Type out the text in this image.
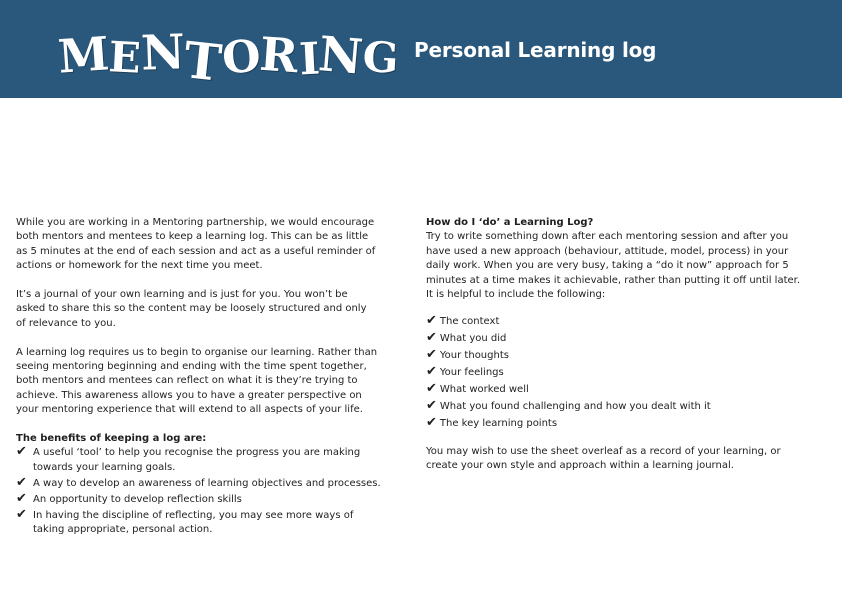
M
E
N
T
O
R
I
N
G Personal Learning log

While you are working in a Mentoring partnership, we would encourage
both mentors and mentees to keep a learning log. This can be as little
as 5 minutes at the end of each session and act as a useful reminder of
actions or homework for the next time you meet.

It’s a journal of your own learning and is just for you. You won’t be
asked to share this so the content may be loosely structured and only
of relevance to you.

A learning log requires us to begin to organise our learning. Rather than
seeing mentoring beginning and ending with the time spent together,
both mentors and mentees can reflect on what it is they’re trying to
achieve. This awareness allows you to have a greater perspective on
your mentoring experience that will extend to all aspects of your life.

The benefits of keeping a log are:
✔ A useful ‘tool’ to help you recognise the progress you are making
towards your learning goals.
✔ A way to develop an awareness of learning objectives and processes.
✔ An opportunity to develop reflection skills
✔ In having the discipline of reflecting, you may see more ways of
taking appropriate, personal action.
How do I ‘do’ a Learning Log?

Try to write something down after each mentoring session and after you
have used a new approach (behaviour, attitude, model, process) in your
daily work. When you are very busy, taking a “do it now” approach for 5
minutes at a time makes it achievable, rather than putting it off until later.
It is helpful to include the following:

✔ The context
✔ What you did
✔ Your thoughts
✔ Your feelings
✔ What worked well
✔ What you found challenging and how you dealt with it
✔ The key learning points

You may wish to use the sheet overleaf as a record of your learning, or
create your own style and approach within a learning journal.
